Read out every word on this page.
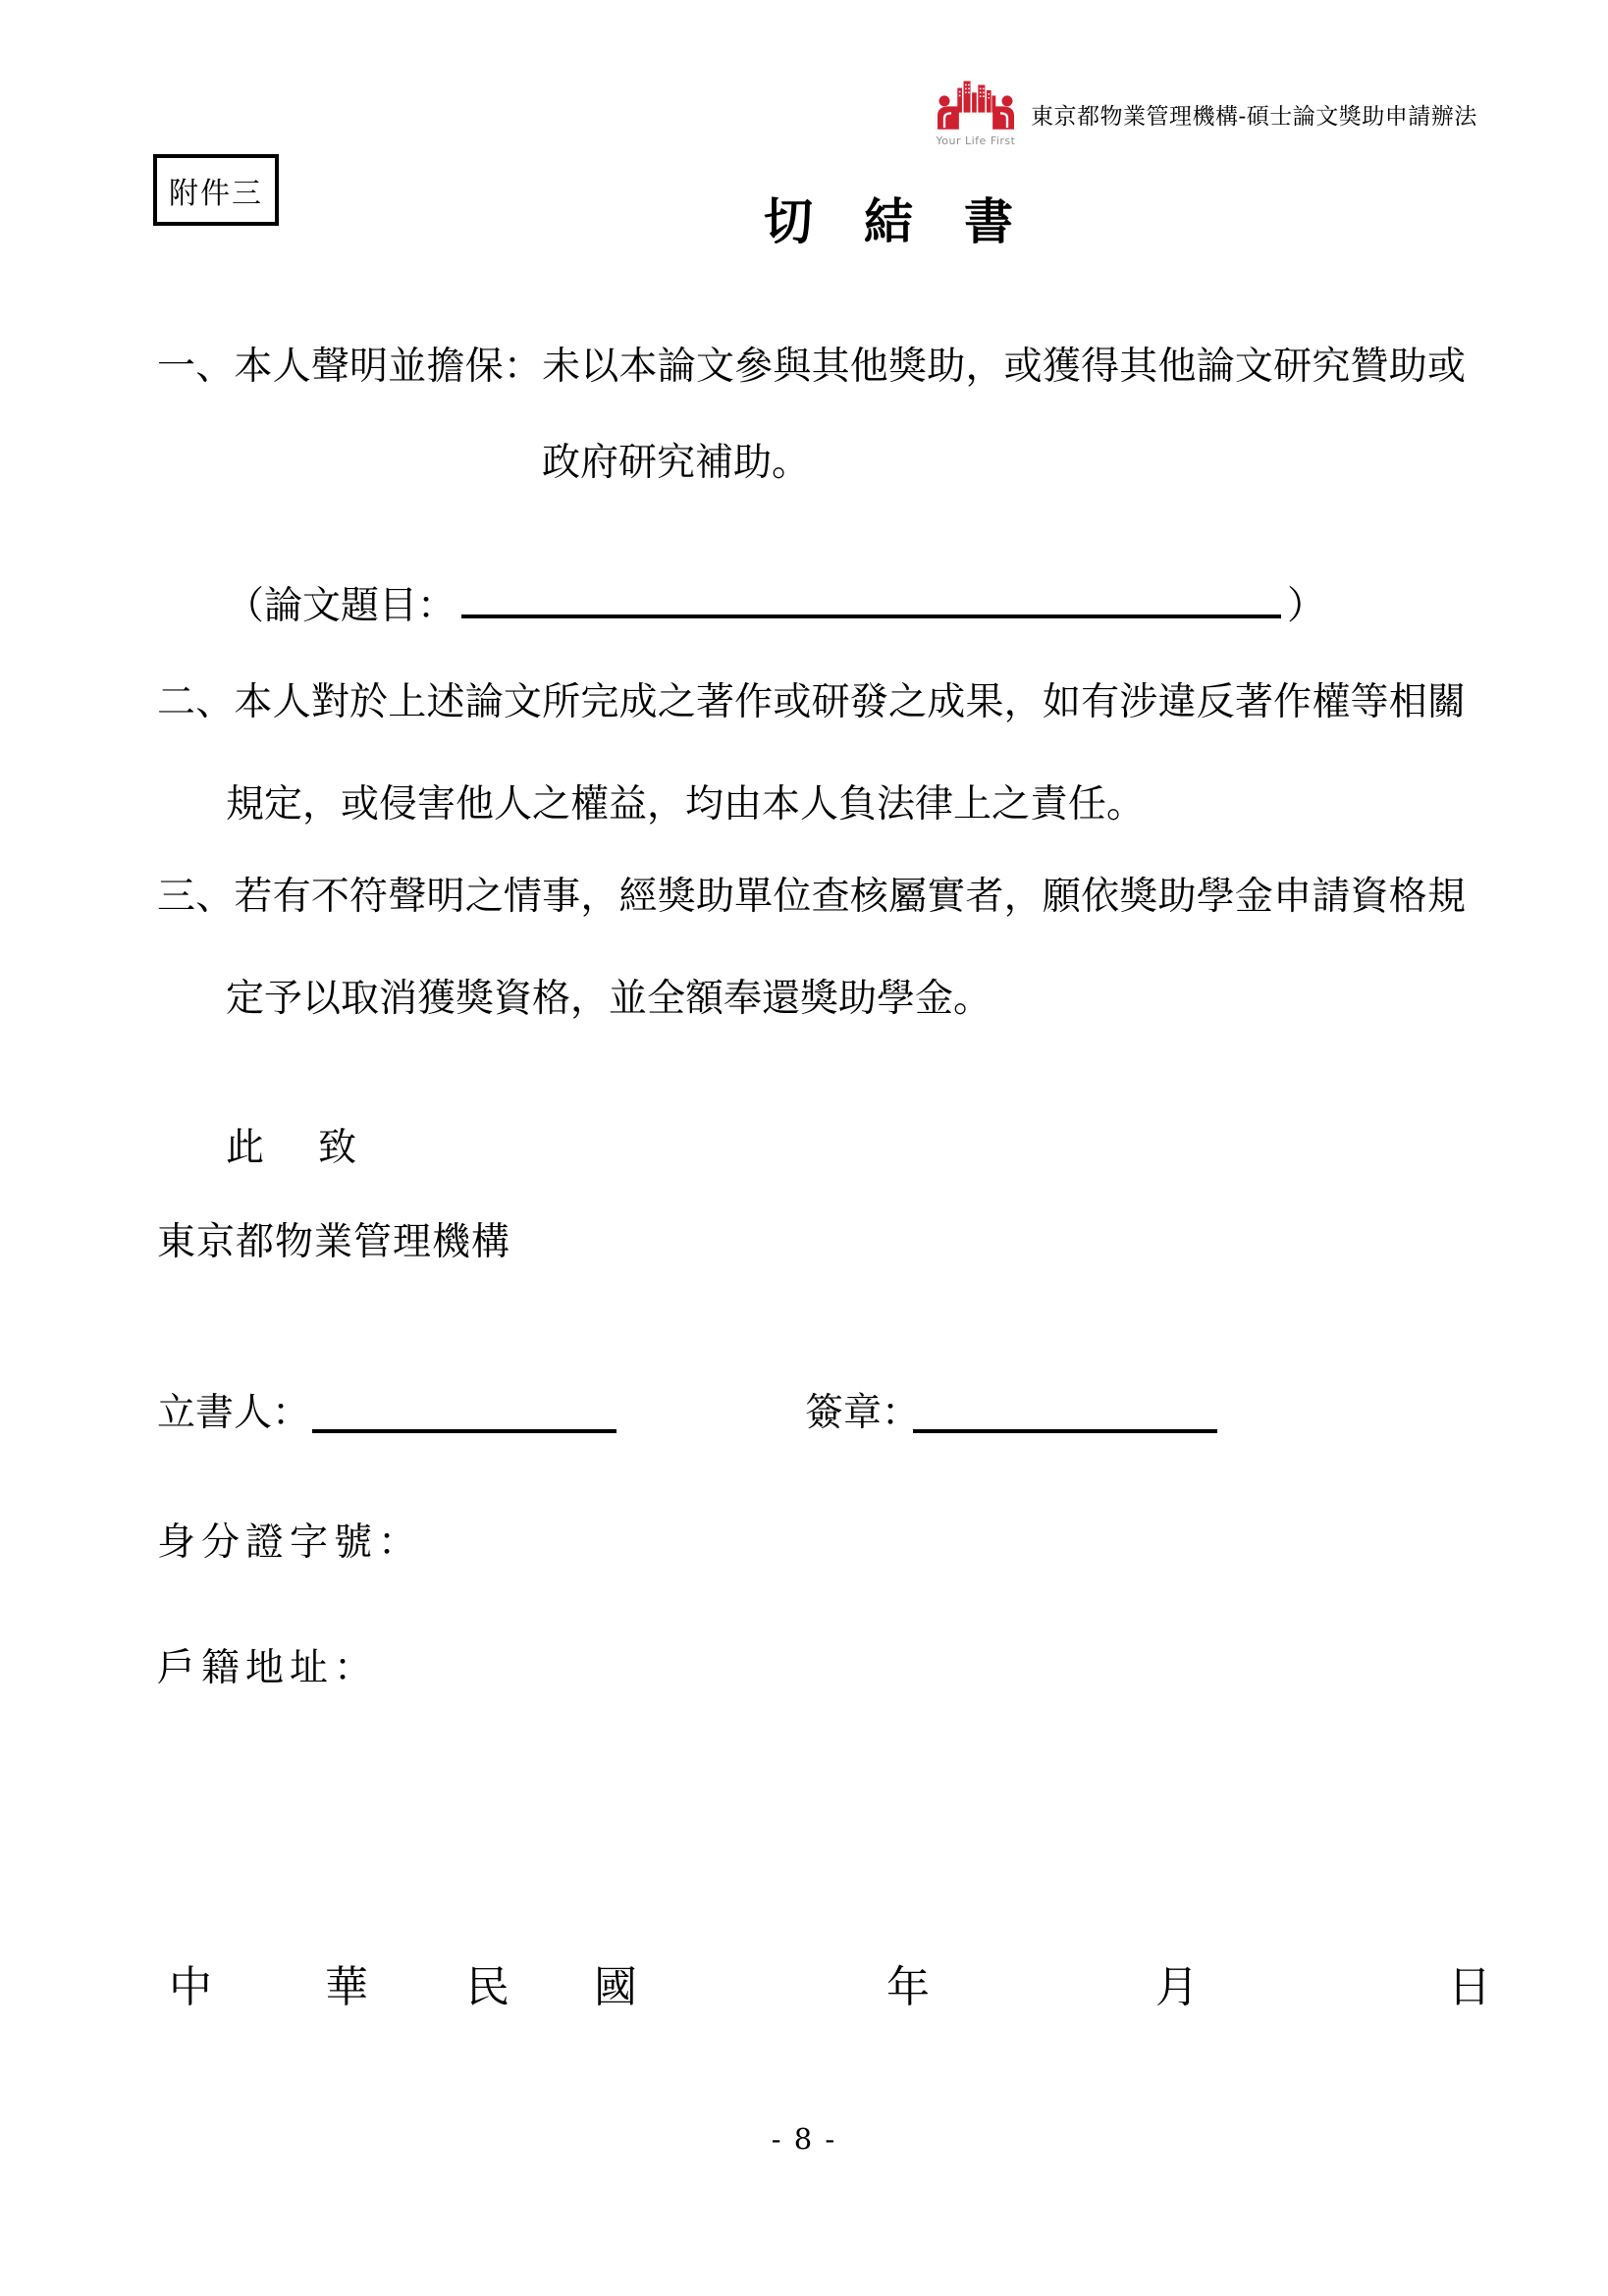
Your Life First
東京都物業管理機構-碩士論文獎助申請辦法
附件三	切　結　書
一、本人聲明並擔保：未以本論文參與其他獎助，或獲得其他論文研究贊助或
政府研究補助。
（論文題目：	）
二、本人對於上述論文所完成之著作或研發之成果，如有涉違反著作權等相關
規定，或侵害他人之權益，均由本人負法律上之責任。
三、若有不符聲明之情事，經獎助單位查核屬實者，願依獎助學金申請資格規
定予以取消獲獎資格，並全額奉還獎助學金。
此　致
東京都物業管理機構
立書人：	簽章：
身分證字號：
戶籍地址：
中	華 民 國	年	月	日
- 8 -
